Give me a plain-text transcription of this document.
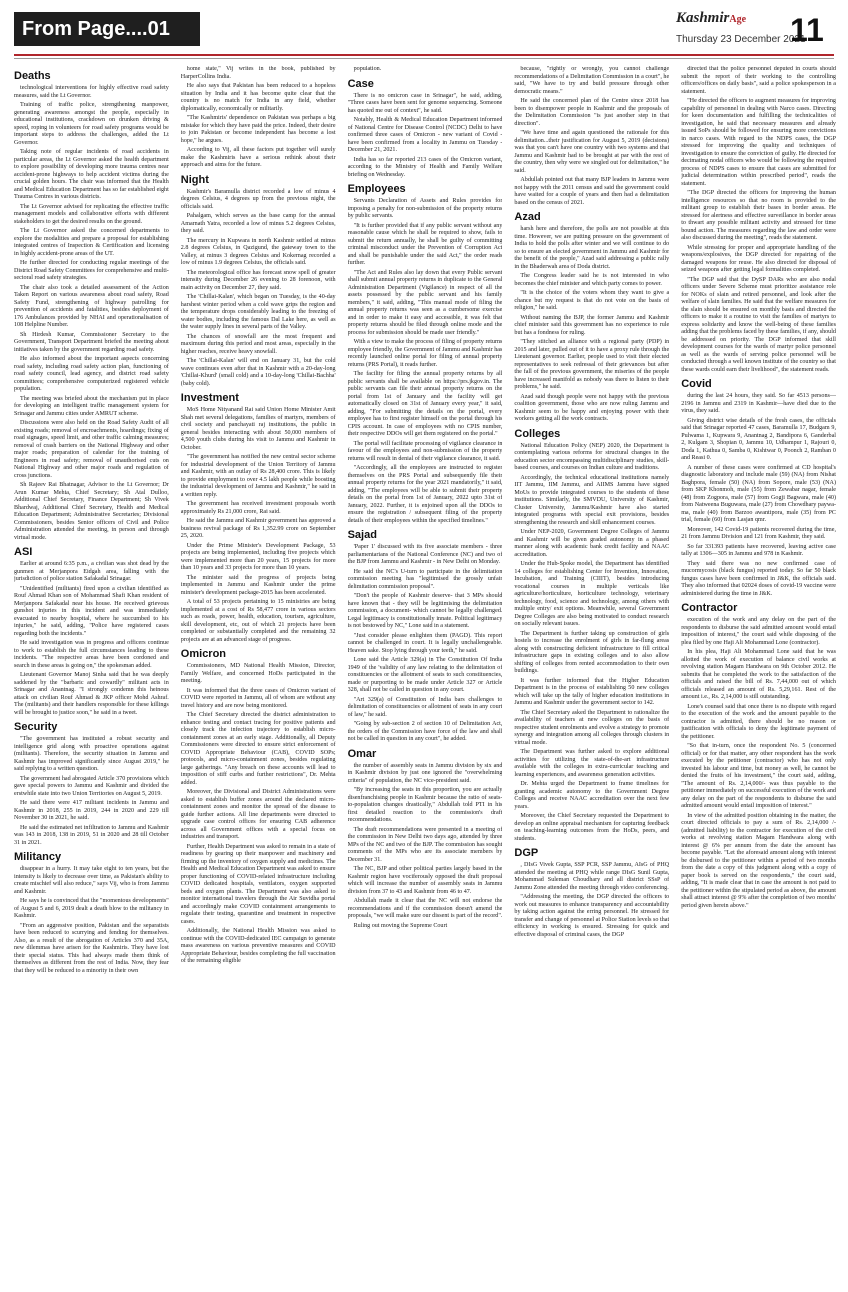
From Page....01	KashmirAge
Thursday 23 December 2021
11
Deaths

technological interventions for highly effective road safety measures, said the Lt Governor.

Training of traffic police, strengthening manpower, generating awareness amongst the people, especially in educational institutions, crackdown on drunken driving & speed, roping in volunteers for road safety programs would be important steps to address the challenges, added the Lt Governor.

Taking note of regular incidents of road accidents in particular areas, the Lt Governor asked the health department to explore possibility of developing more trauma centres near accident-prone highways to help accident victims during the crucial golden hours. The chair was informed that the Health and Medical Education Department has so far established eight Trauma Centres in various districts.

The Lt Governor advised for replicating the effective traffic management models and collaborative efforts with different stakeholders to get the desired results on the ground.

The Lt Governor asked the concerned departments to explore the modalities and prepare a proposal for establishing integrated centres of Inspection & Certification and licensing in highly accident-prone areas of the UT.

He further directed for conducting regular meetings of the District Road Safety Committees for comprehensive and multi-sectoral road safety strategies.

The chair also took a detailed assessment of the Action Taken Report on various awareness about road safety, Road Safety Fund, strengthening of highway patrolling for prevention of accidents and fatalities, besides deployment of 176 Ambulances provided by NHAI and operationalisation of 108 Helpline Number.

Sh Hirdesh Kumar, Commissioner Secretary to the Government, Transport Department briefed the meeting about initiatives taken by the government regarding road safety.

He also informed about the important aspects concerning road safety, including road safety action plan, functioning of road safety council, lead agency, and district road safety committees; comprehensive computerized registered vehicle population.

The meeting was briefed about the mechanism put in place for developing an intelligent traffic management system for Srinagar and Jammu cities under AMRUT scheme.

Discussions were also held on the Road Safety Audit of all existing roads; removal of encroachments, hoardings; fixing of road signages, speed limit, and other traffic calming measures; removal of crash barriers on the National Highway and other major roads; preparation of calendar for the training of Engineers in road safety; removal of unauthorised cuts on National Highway and other major roads and regulation of cross junctions.

Sh Rajeev Rai Bhatnagar, Advisor to the Lt Governor; Dr Arun Kumar Mehta, Chief Secretary; Sh Atal Dulloo, Additional Chief Secretary, Finance Department; Sh Vivek Bhardwaj, Additional Chief Secretary, Health and Medical Education Department; Administrative Secretaries; Divisional Commissioners, besides Senior officers of Civil and Police Administration attended the meeting, in person and through virtual mode.

ASI

Earlier at around 6:35 p.m., a civilian was shot dead by the gunmen at Merjanpora Eidgah area, falling with the jurisdiction of police station Safakadal Srinagar.

"Unidentified (militants) fired upon a civilian identified as Rouf Ahmad Khan son of Mohammad Shafi Khan resident of Merjanpora Safakadal near his house. He received grievous gunshot injuries in this incident and was immediately evacuated to nearby hospital, where he succumbed to his injuries," he said, adding, "Police have registered cases regarding both the incidents."

He said investigation was in progress and officers continue to work to establish the full circumstances leading to these incidents. "The respective areas have been cordoned and search in these areas is going on," the spokesman added.

Lieutenant Governor Manoj Sinha said that he was deeply saddened by the "barbaric and cowardly" militant acts in Srinagar and Anantnag. "I strongly condemn this heinous attack on civilian Rouf Ahmad & JKP officer Mohd Ashraf. The (militants) and their handlers responsible for these killings will be brought to justice soon," he said in a tweet.

Security

"The government has instituted a robust security and intelligence grid along with proactive operations against (militants). Therefore, the security situation in Jammu and Kashmir has improved significantly since August 2019," he said replying to a written question.

The government had abrogated Article 370 provisions which gave special powers to Jammu and Kashmir and divided the erstwhile state into two Union Territories on August 5, 2019.

He said there were 417 militant incidents in Jammu and Kashmir in 2018, 255 in 2019, 244 in 2020 and 229 till November 30 in 2021, he said.

He said the estimated net infiltration to Jammu and Kashmir was 143 in 2018, 138 in 2019, 51 in 2020 and 28 till October 31 in 2021.

Militancy

disappear in a hurry. It may take eight to ten years, but the intensity is likely to decrease over time, as Pakistan's ability to create mischief will also reduce," says Vij, who is from Jammu and Kashmir.

He says he is convinced that the "momentous developments" of August 5 and 6, 2019 dealt a death blow to the militancy in Kashmir.

"From an aggressive position, Pakistan and the separatists have been reduced to scurrying and fending for themselves. Also, as a result of the abrogation of Articles 370 and 35A, new dilemmas have arisen for the Kashmiris. They have lost their special status. This had always made them think of themselves as different from the rest of India. Now, they fear that they will be reduced to a minority in their own

home state," Vij writes in the book, published by HarperCollins India.

He also says that Pakistan has been reduced to a hopeless situation by India and it has become quite clear that the country is no match for India in any field, whether diplomatically, economically or militarily.

"The Kashmiris' dependence on Pakistan was perhaps a big mistake for which they have paid the price. Indeed, their desire to join Pakistan or become independent has become a lost hope," he argues.

According to Vij, all these factors put together will surely make the Kashmiris have a serious rethink about their approach and aims for the future.

Night

Kashmir's Baramulla district recorded a low of minus 4 degrees Celsius, 4 degrees up from the previous night, the officials said.

Pahalgam, which serves as the base camp for the annual Amarnath Yatra, recorded a low of minus 5.2 degrees Celsius, they said.

The mercury in Kupwara in north Kashmir settled at minus 2.8 degrees Celsius, in Qazigund, the gateway town to the Valley, at minus 3 degrees Celsius and Kokernag recorded a low of minus 1.9 degrees Celsius, the officials said.

The meteorological office has forecast snow spell of greater intensity during December 26 evening to 28 forenoon, with main activity on December 27, they said.

The 'Chillai-Kalan', which began on Tuesday, is the 40-day harshest winter period when a cold wave grips the region and the temperature drops considerably leading to the freezing of water bodies, including the famous Dal Lake here, as well as the water supply lines in several parts of the Valley.

The chances of snowfall are the most frequent and maximum during this period and most areas, especially in the higher reaches, receive heavy snowfall.

The 'Chillai-Kalan' will end on January 31, but the cold wave continues even after that in Kashmir with a 20-day-long 'Chillai-Khurd' (small cold) and a 10-day-long 'Chillai-Bachha' (baby cold).

Investment

MoS Home Nityanand Rai said Union Home Minister Amit Shah met several delegations, families of martyrs, members of civil society and panchayati raj institutions, the public in general besides interacting with about 50,000 members of 4,500 youth clubs during his visit to Jammu and Kashmir in October.

"The government has notified the new central sector scheme for industrial development of the Union Territory of Jammu and Kashmir, with an outlay of Rs 28,400 crore. This is likely to provide employment to over 4.5 lakh people while boosting the industrial development of Jammu and Kashmir," he said in a written reply.

The government has received investment proposals worth approximately Rs 21,000 crore, Rai said.

He said the Jammu and Kashmir government has approved a business revival package of Rs 1,352.99 crore on September 25, 2020.

Under the Prime Minister's Development Package, 53 projects are being implemented, including five projects which were implemented more than 20 years, 15 projects for more than 10 years and 33 projects for more than 10 years.

The minister said the progress of projects being implemented in Jammu and Kashmir under the prime minister's development package-2015 has been accelerated.

A total of 53 projects pertaining to 15 ministries are being implemented at a cost of Rs 58,477 crore in various sectors such as roads, power, health, education, tourism, agriculture, skill development, etc, out of which 21 projects have been completed or substantially completed and the remaining 32 projects are at an advanced stage of progress.

Omicron

Commissioners, MD National Health Mission, Director, Family Welfare, and concerned HoDs participated in the meeting.

It was informed that the three cases of Omicron variant of COVID were reported in Jammu, all of whom are without any travel history and are now being monitored.

The Chief Secretary directed the district administration to enhance testing and contact tracing for positive patients and closely track the infection trajectory to establish micro-containment zones at an early stage. Additionally, all Deputy Commissioners were directed to ensure strict enforcement of COVID Appropriate Behaviour (CAB), COVID SOPs; protocols, and micro-containment zones, besides regulating large gatherings. "Any breach on these accounts will lead to imposition of stiff curbs and further restrictions", Dr. Mehta added.

Moreover, the Divisional and District Administrations were asked to establish buffer zones around the declared micro-containment zones and monitor the spread of the disease to guide further actions. All line departments were directed to upgrade case control offices for ensuring CAB adherence across all Government offices with a special focus on industries and transport.

Further, Health Department was asked to remain in a state of readiness by gearing up their manpower and machinery and firming up the inventory of oxygen supply and medicines. The Health and Medical Education Department was asked to ensure proper functioning of COVID-related infrastructure including COVID dedicated hospitals, ventilators, oxygen supported beds and oxygen plants. The Department was also asked to monitor international travelers through the Air Suvidha portal and accordingly make COVID containment arrangements to regulate their testing, quarantine and treatment in respective cases.

Additionally, the National Health Mission was asked to continue with the COVID-dedicated IEC campaign to generate mass awareness on various preventive measures and COVID Appropriate Behaviour, besides completing the full vaccination of the remaining eligible

population.

Case

There is no omicron case in Srinagar", he said, adding, "Three cases have been sent for genome sequencing. Someone has quoted me out of context", he said.

Notably, Health & Medical Education Department informed of National Centre for Disease Control (NCDC) Delhi to have confirmed three cases of Omicron - new variant of Covid - have been confirmed from a locality in Jammu on Tuesday - December 21, 2021.

India has so far reported 213 cases of the Omicron variant, according to the Ministry of Health and Family Welfare briefing on Wednesday.

Employees

Servants Declaration of Assets and Rules provides for imposing a penalty for non-submission of the property returns by public servants.

"It is further provided that if any public servant without any reasonable cause which he shall be required to show, fails to submit the return annually, he shall be guilty of committing criminal misconduct under the Prevention of Corruption Act and shall be punishable under the said Act," the order reads further.

"The Act and Rules also lay down that every Public servant shall submit annual property returns in duplicate to the General Administration Department (Vigilance) in respect of all the assets possessed by the public servant and his family members," it said, adding, "This manual mode of filing the annual property returns was seen as a cumbersome exercise and in order to make it easy and accessible, it was felt that property returns should be filed through online mode and the process for submission should be made user friendly."

With a view to make the process of filing of property returns employee friendly, the Government of Jammu and Kashmir has recently launched online portal for filing of annual property returns (PRS Portal), it reads further.

The facility for filing the annual property returns by all public servants shall be available on https://prs.jkgov.in. The public servants can file their annual property returns on the portal from 1st of January and the facility will get automatically closed on 31st of January every year," it said, adding, "For submitting the details on the portal, every employee has to first register himself on the portal through his CPIS account. In case of employees with no CPIS number, their respective DDOs will get them registered on the portal."

The portal will facilitate processing of vigilance clearance in favour of the employees and non-submission of the property returns will result in denial of their vigilance clearance, it said.

"Accordingly, all the employees are instructed to register themselves on the PRS Portal and subsequently file their annual property returns for the year 2021 mandatorily," it said, adding, "The employees will be able to submit their property details on the portal from 1st of January, 2022 upto 31st of January, 2022. Further, it is enjoined upon all the DDOs to ensure the registration / subsequent filing of the property details of their employees within the specified timelines."

Sajad

'Paper 1' discussed with its five associate members - three parliamentarians of the National Conference (NC) and two of the BJP from Jammu and Kashmir - in New Delhi on Monday.

He said the NC's U-turn to participate in the delimitation commission meeting has "legitimised the grossly unfair delimitation commission proposal".

"Don't the people of Kashmir deserve- that 3 MPs should have known that - they will be legitimising the delimitation commission, a document- which cannot be legally challenged. Legal legitimacy is constitutionally innate. Political legitimacy is not bestowed by NC," Lone said in a statement.

"Just consider please enlighten them (PAGD). This report cannot be challenged in court. It is legally unchallengeable. Heaven sake. Stop lying through your teeth," he said.

Lone said the Article 329(a) in The Constitution Of India 1949 of the 'validity of any law relating to the delimitation of constituencies or the allotment of seats to such constituencies, made or purporting to be made under Article 327 or Article 328, shall not be called in question in any court.

"Art 329(a) of Constitution of India bars challenges to delimitation of constituencies or allotment of seats in any court of law," he said.

"Going by sub-section 2 of section 10 of Delimitation Act, the orders of the Commission have force of the law and shall not be called in question in any court", he added.

Omar

the number of assembly seats in Jammu division by six and in Kashmir division by just one ignored the "overwhelming criteria" of population, the NC vice-president said.

"By increasing the seats in this proportion, you are actually disenfranchising people in Kashmir because the ratio of seats-to-population changes drastically," Abdullah told PTI in his first detailed reaction to the commission's draft recommendations.

The draft recommendations were presented in a meeting of the commission in New Delhi two days ago, attended by three MPs of the NC and two of the BJP. The commission has sought comments of the MPs who are its associate members by December 31.

The NC, BJP and other political parties largely based in the Kashmir region have vociferously opposed the draft proposal which will increase the number of assembly seats in Jammu division from 37 to 43 and Kashmir from 46 to 47.

Abdullah made it clear that the NC will not endorse the recommendations and if the commission doesn't amend the proposals, "we will make sure our dissent is part of the record".

Ruling out moving the Supreme Court

because, "rightly or wrongly, you cannot challenge recommendations of a Delimitation Commission in a court", he said, "We have to try and build pressure through other democratic means."

He said the concerned plan of the Centre since 2018 has been to disempower people in Kashmir and the proposals of the Delimitation Commission "is just another step in that direction".

"We have time and again questioned the rationale for this delimitation...their justification for August 5, 2019 (decisions) was that you can't have one country with two systems and that Jammu and Kashmir had to be brought at par with the rest of the country, then why were we singled out for delimitation," he said.

Abdullah pointed out that many BJP leaders in Jammu were not happy with the 2011 census and said the government could have waited for a couple of years and then had a delimitation based on the census of 2021.

Azad

harsh here and therefore, the polls are not possible at this time. However, we are putting pressure on the government of India to hold the polls after winter and we will continue to do so to ensure an elected government in Jammu and Kashmir for the benefit of the people," Azad said addressing a public rally in the Bhaderwah area of Doda district.

The Congress leader said he is not interested in who becomes the chief minister and which party comes to power.

"It is the choice of the voters whom they want to give a chance but my request is that do not vote on the basis of religion," he said.

Without naming the BJP, the former Jammu and Kashmir chief minister said this government has no experience to rule but has a fondness for ruling.

"They stitched an alliance with a regional party (PDP) in 2015 and later, pulled out of it to have a proxy rule through the Lieutenant governor. Earlier, people used to visit their elected representatives to seek redressal of their grievances but after the fall of the previous government, the miseries of the people have increased manifold as nobody was there to listen to their problems," he said.

Azad said though people were not happy with the previous coalition government, those who are now ruling Jammu and Kashmir seem to be happy and enjoying power with their workers getting all the work contracts.

Colleges

National Education Policy (NEP) 2020, the Department is contemplating various reforms for structural changes in the education sector encompassing multidisciplinary studies, skill-based courses, and courses on Indian culture and traditions.

Accordingly, the technical educational institutions namely IIT Jammu, IIM Jammu, and AIIMS Jammu have signed MoUs to provide integrated courses to the students of these institutions. Similarly, the SMVDU, University of Kashmir, Cluster University, Jammu/Kashmir have also started integrated programs with special exit provisions, besides strengthening the research and skill enhancement courses.

Under NEP-2020, Government Degree Colleges of Jammu and Kashmir will be given graded autonomy in a phased manner along with academic bank credit facility and NAAC accreditation.

Under the Hub-Spoke model, the Department has identified 14 colleges for establishing Center for Invention, Innovation, Incubation, and Training (CIIIT), besides introducing vocational courses in multiple verticals like agriculture/horticulture, horticulture technology, veterinary technology, food, science and technology, among others with multiple entry/ exit options. Meanwhile, several Government Degree Colleges are also being motivated to conduct research on socially relevant issues.

The Department is further taking up construction of girls hostels to increase the enrolment of girls in far-flung areas along with constructing deficient infrastructure to fill critical infrastructure gaps in existing colleges and to also allow shifting of colleges from rented accommodation to their own buildings.

It was further informed that the Higher Education Department is in the process of establishing 50 new colleges which will take up the tally of higher education institutions in Jammu and Kashmir under the government sector to 142.

The Chief Secretary asked the Department to rationalize the availability of teachers at new colleges on the basis of respective student enrolments and evolve a strategy to promote synergy and integration among all colleges through clusters in virtual mode.

The Department was further asked to explore additional activities for utilizing the state-of-the-art infrastructure available with the colleges in extra-curricular teaching and learning experiences, and awareness generation activities.

Dr. Mehta urged the Department to frame timelines for granting academic autonomy to the Government Degree Colleges and receive NAAC accreditation over the next few years.

Moreover, the Chief Secretary requested the Department to develop an online appraisal mechanism for capturing feedback on teaching-learning outcomes from the HoDs, peers, and students.

DGP

, DIsG Vivek Gupta, SSP PCR, SSP Jammu, AIsG of PHQ attended the meeting at PHQ while range DIsG Sunil Gupta, Mohammad Suleman Choudhary and all district SSsP of Jammu Zone attended the meeting through video conferencing.

"Addressing the meeting, the DGP directed the officers to work out measures to enhance transparency and accountability by taking action against the erring personnel. He stressed for transfer and change of personnel at Police Station levels so that efficiency in working is ensured. Stressing for quick and effective disposal of criminal cases, the DGP

directed that the police personnel deputed in courts should submit the report of their working to the controlling officers/offices on daily basis", said a police spokesperson in a statement.

"He directed the officers to augment measures for improving capability of personnel in dealing with Narco cases. Directing for keen documentation and fulfilling the technicalities of investigation, he said that necessary measures and already issued SoPs should be followed for ensuring more convictions in narco cases. With regard to the NDPS cases, the DGP stressed for improving the quality and techniques of investigation to ensure the conviction of guilty. He directed for decimating nodal officers who would be following the required process of NDPS cases to ensure that cases are submitted for judicial determination within prescribed period", reads the statement.

"The DGP directed the officers for improving the human intelligence resources so that no room is provided to the militant group to establish their bases in border areas. He stressed for alertness and effective surveillance in border areas to thwart any possible militant activity and stressed for time bound action. The measures regarding the law and order were also discussed during the meeting", reads the statement.

While stressing for proper and appropriate handling of the weapons/explosives, the DGP directed for repairing of the damaged weapons for reuse. He also directed for disposal of seized weapons after getting legal formalities completed.

"The DGP said that the DySP DARs who are also nodal officers under Severe Scheme must prioritize assistance role for NOKs of slain and retired personnel, and look after the welfare of slain families. He said that the welfare measures for the slain should be ensured on monthly basis and directed the officers to make it a routine to visit the families of martyrs to express solidarity and know the well-being of these families adding that the problems faced by these families, if any, should be addressed on priority. The DGP informed that skill development courses for the wards of martyr police personnel as well as the wards of serving police personnel will be conducted through a well known institute of the country so that these wards could earn their livelihood", the statement reads.

Covid

during the last 24 hours, they said. So far 4513 persons—2196 in Jammu and 2319 in Kashmir—have died due to the virus, they said.

Giving district wise details of the fresh cases, the officials said that Srinagar reported 47 cases, Baramulla 17, Budgam 9, Pulwama 1, Kupwara 9, Anantnag 2, Bandipora 6, Ganderbal 2, Kulgam 3, Shopian 0, Jammu 10, Udhampur 1, Rajouri 0, Doda 1, Kathua 0, Samba 0, Kishtwar 0, Poonch 2, Ramban 0 and Reasi 0.

A number of these cases were confirmed at CD hospital's diagnostic laboratory and include male (59) (NA) from Nishat Baghpora, female (50) (NA) from Sopore, male (53) (NA) from SKP Khonmoh, male (55) from Zewabar nagar, female (48) from Zogpora, male (57) from Gogji Bagwara, male (40) from Natweena Buguwara, male (27) from Chowdhary paywa-ma, male (40) from Barzoo awantipora, male (35) from PC trial, female (60) from Lasjan qmr.

Moreover, 142 Covid-19 patients recovered during the time, 21 from Jammu Division and 121 from Kashmir, they said.

So far 331393 patients have recovered, leaving active case tally at 1306—305 in Jammu and 978 in Kashmir.

They said there was no new confirmed case of mucormycosis (black fungus) reported today. So far 50 black fungus cases have been confirmed in J&K, the officials said. They also informed that 02024 doses of covid-19 vaccine were administered during the time in J&K.

Contractor

execution of the work and any delay on the part of the respondents to disburse the said admitted amount would entail imposition of interest," the court said while disposing of the plea filed by one Haji Ali Mohammad Lone (contractor).

In his plea, Haji Ali Mohammad Lone said that he was allotted the work of execution of balance civil works at revolving station Magam Handwara on 9th October 2012. He submits that he completed the work to the satisfaction of the officials and raised the bill of Rs. 7,44,000 out of which officials released an amount of Rs. 5,29,161. Rest of the amount i.e., Rs. 2,14,000 is still outstanding.

Lone's counsel said that once there is no dispute with regard to the execution of the work and the amount payable to the contractor is admitted, there should be no reason or justification with officials to deny the legitimate payment of the petitioner.

"So that in-turn, once the respondent No. 5 (concerned official) or for that matter, any other respondent has the work executed by the petitioner (contractor) who has not only invested his labour and time, but money as well, he cannot be denied the fruits of his investment," the court said, adding, "The amount of Rs. 2,14,000/- was thus payable to the petitioner immediately on successful execution of the work and any delay on the part of the respondents to disburse the said admitted amount would entail imposition of interest."

In view of the admitted position obtaining in the matter, the court directed officials to pay a sum of Rs. 2,14,000 /- (admitted liability) to the contractor for execution of the civil works at revolving station Magam Handwara along with interest @ 6% per annum from the date the amount has become payable. "Let the aforesaid amount along with interest be disbursed to the petitioner within a period of two months from the date a copy of this judgment along with a copy of paper book is served on the respondents," the court said, adding, "It is made clear that in case the amount is not paid to the petitioner within the stipulated period as above, the amount shall attract interest @ 9% after the completion of two months' period given herein above."
